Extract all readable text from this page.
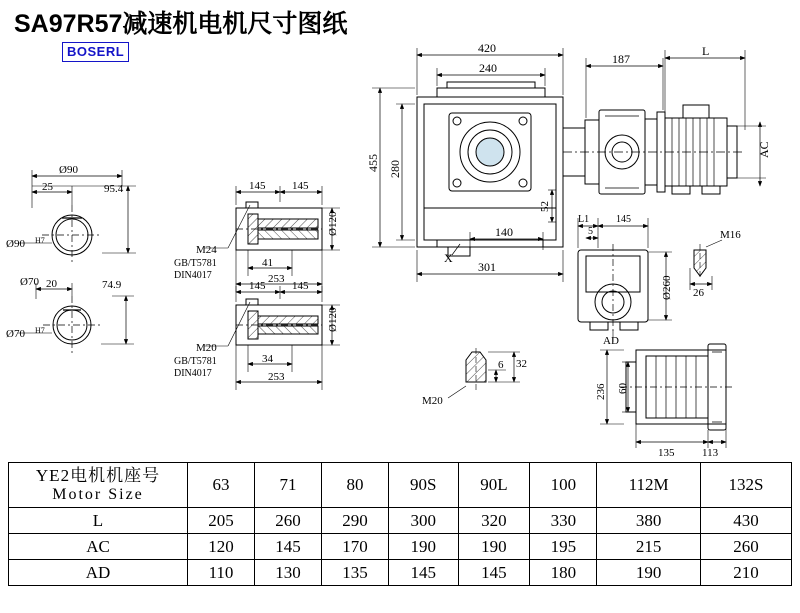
SA97R57减速机电机尺寸图纸
BOSERL
Ø90
25	95.4
Ø90 H7
Ø70 20	74.9
Ø70 H7
145 145
Ø120
M24
GB/T5781
DIN4017
41
253
145 145
Ø120
M20
GB/T5781
DIN4017
34
253
420
240
187
L
455 280
52
140
301
X
AC
145
5
L1
Ø260
M16
26
AD
32
6
M20
236 60
135	113
YE2电机机座号
Motor Size	63	71	80	90S	90L	100	112M	132S
L	205	260	290	300	320	330	380	430
AC	120	145	170	190	190	195	215	260
AD	110	130	135	145	145	180	190	210
